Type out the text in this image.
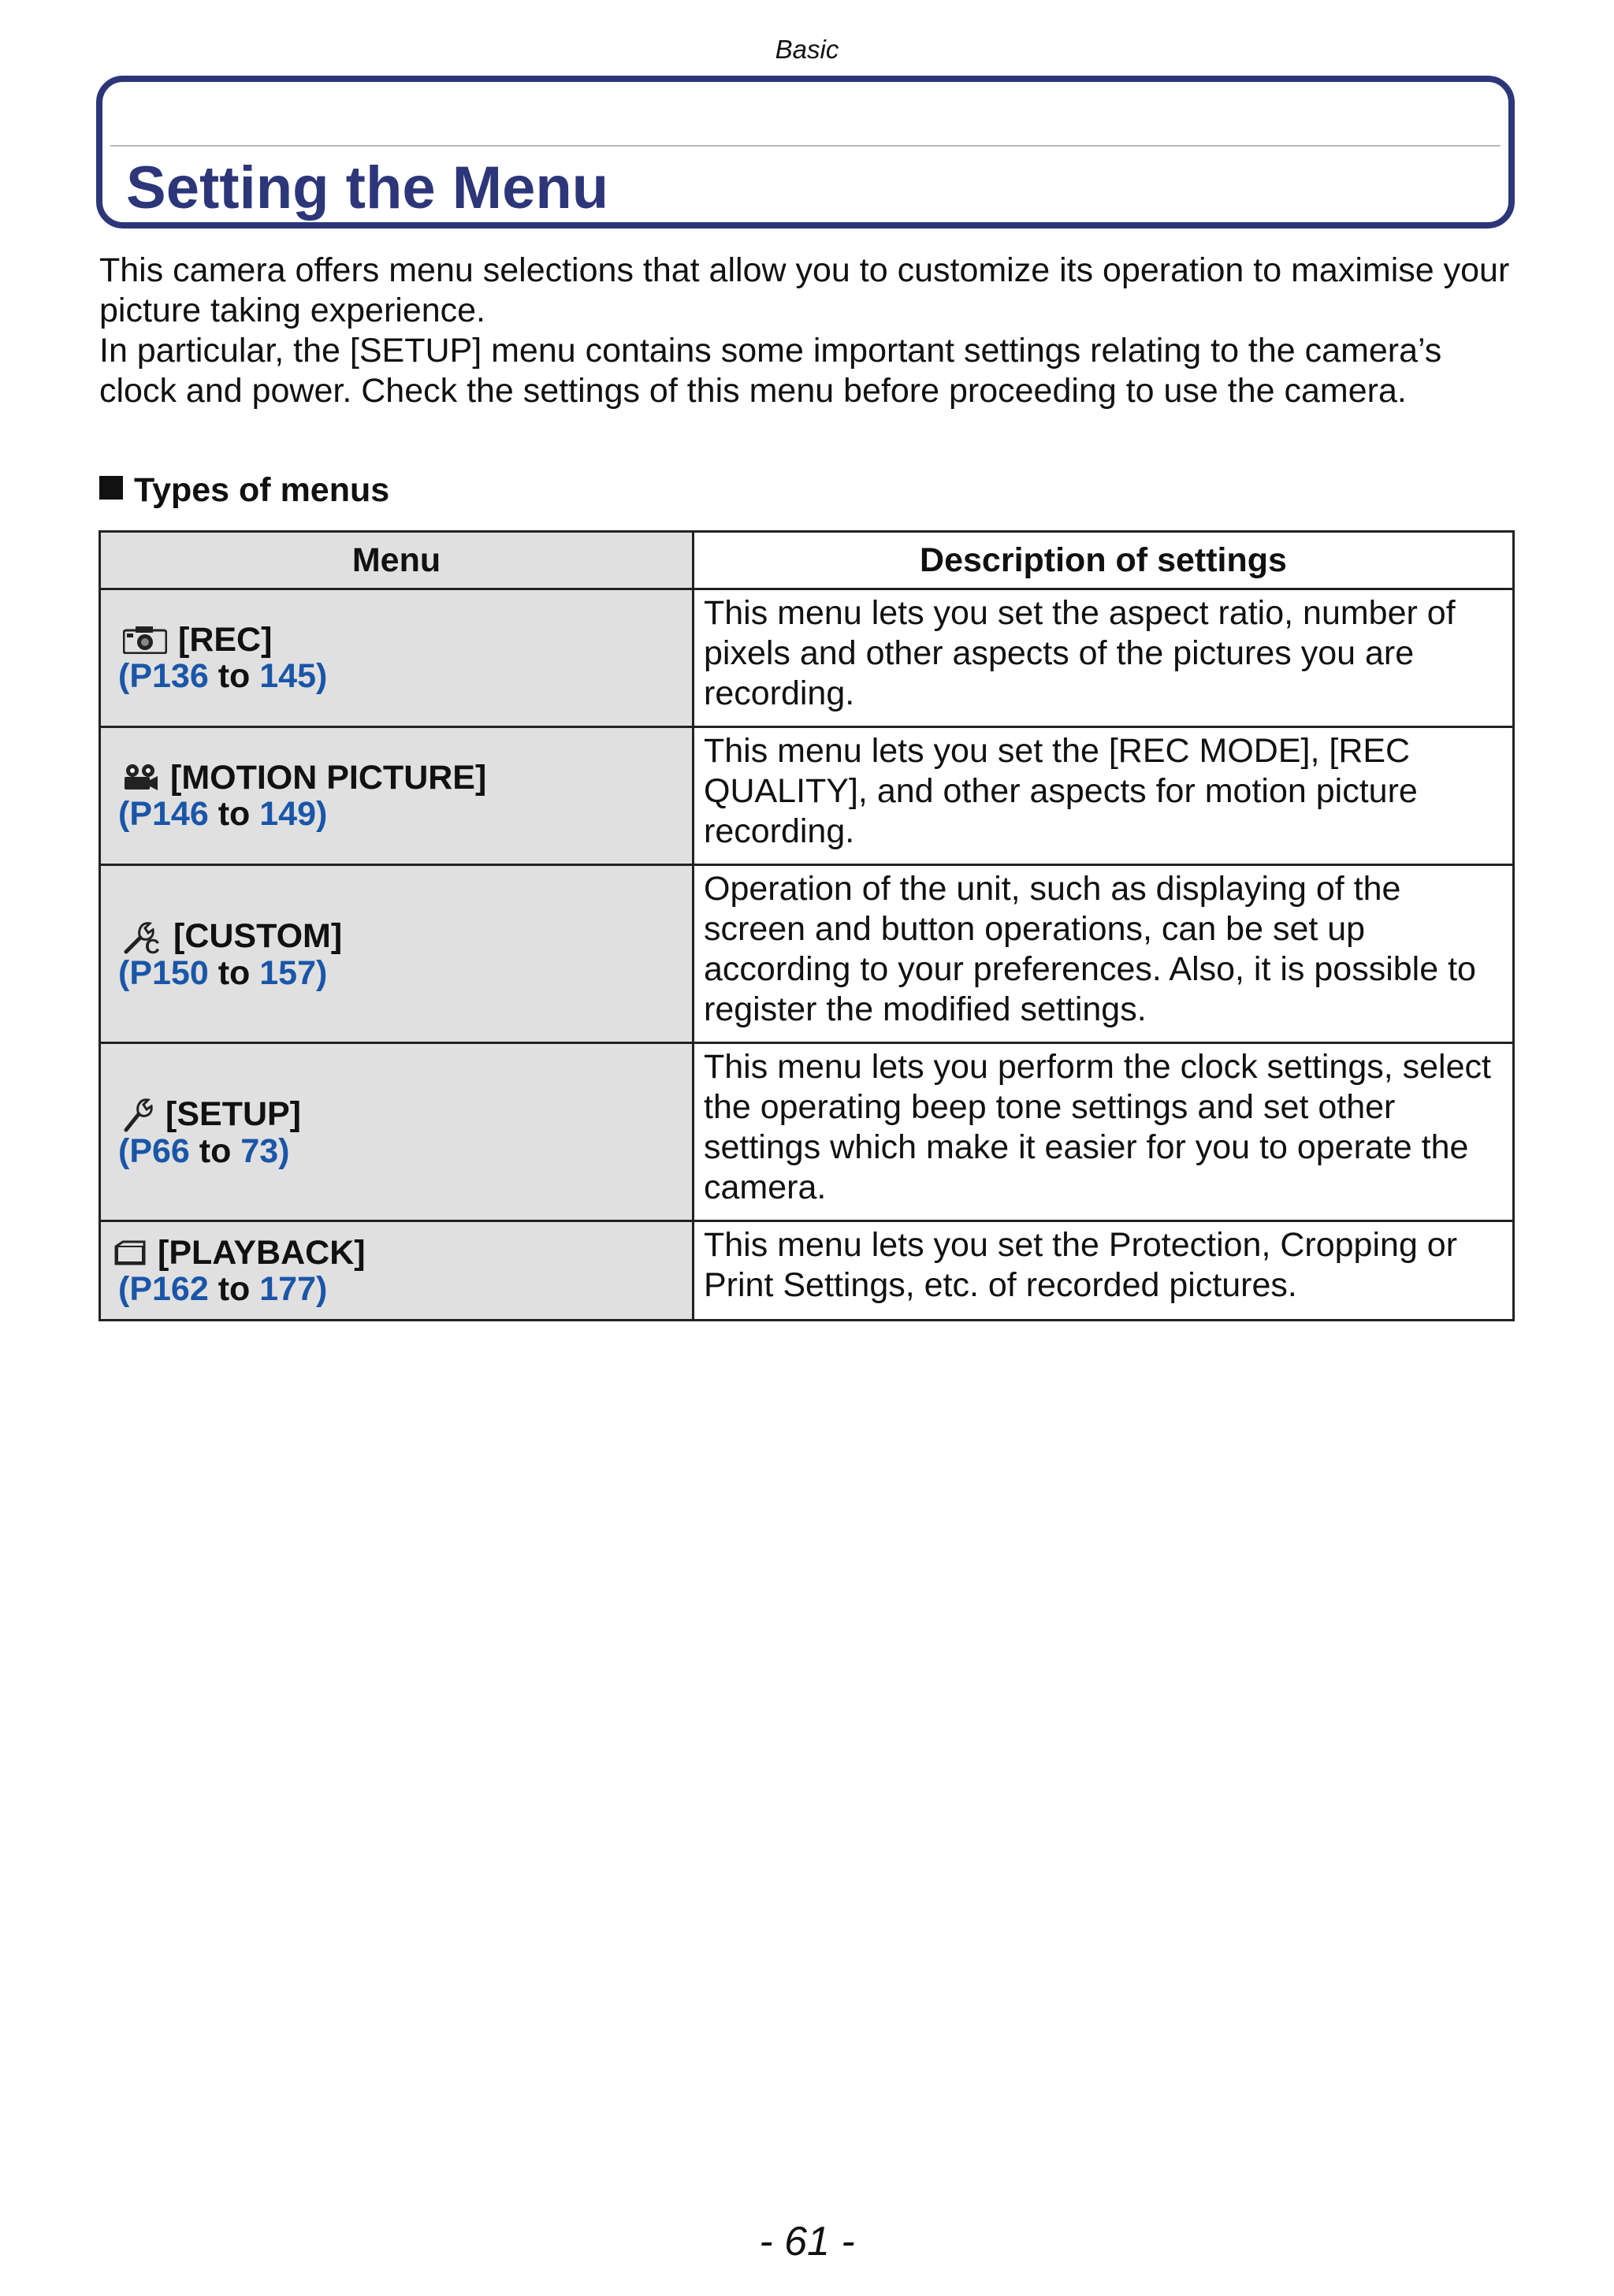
Basic
Setting the Menu

This camera offers menu selections that allow you to customize its operation to maximise your picture taking experience.

In particular, the [SETUP] menu contains some important settings relating to the camera’s clock and power. Check the settings of this menu before proceeding to use the camera.

Types of menus
Menu	Description of settings

[REC]
(P136 to 145)	This menu lets you set the aspect ratio, number of pixels and other aspects of the pictures you are recording.

[MOTION PICTURE]
(P146 to 149)	This menu lets you set the [REC MODE], [REC QUALITY], and other aspects for motion picture recording.

C [CUSTOM]
(P150 to 157)	Operation of the unit, such as displaying of the screen and button operations, can be set up according to your preferences. Also, it is possible to register the modified settings.

[SETUP]
(P66 to 73)	This menu lets you perform the clock settings, select the operating beep tone settings and set other settings which make it easier for you to operate the camera.

[PLAYBACK]
(P162 to 177)	This menu lets you set the Protection, Cropping or Print Settings, etc. of recorded pictures.
- 61 -
